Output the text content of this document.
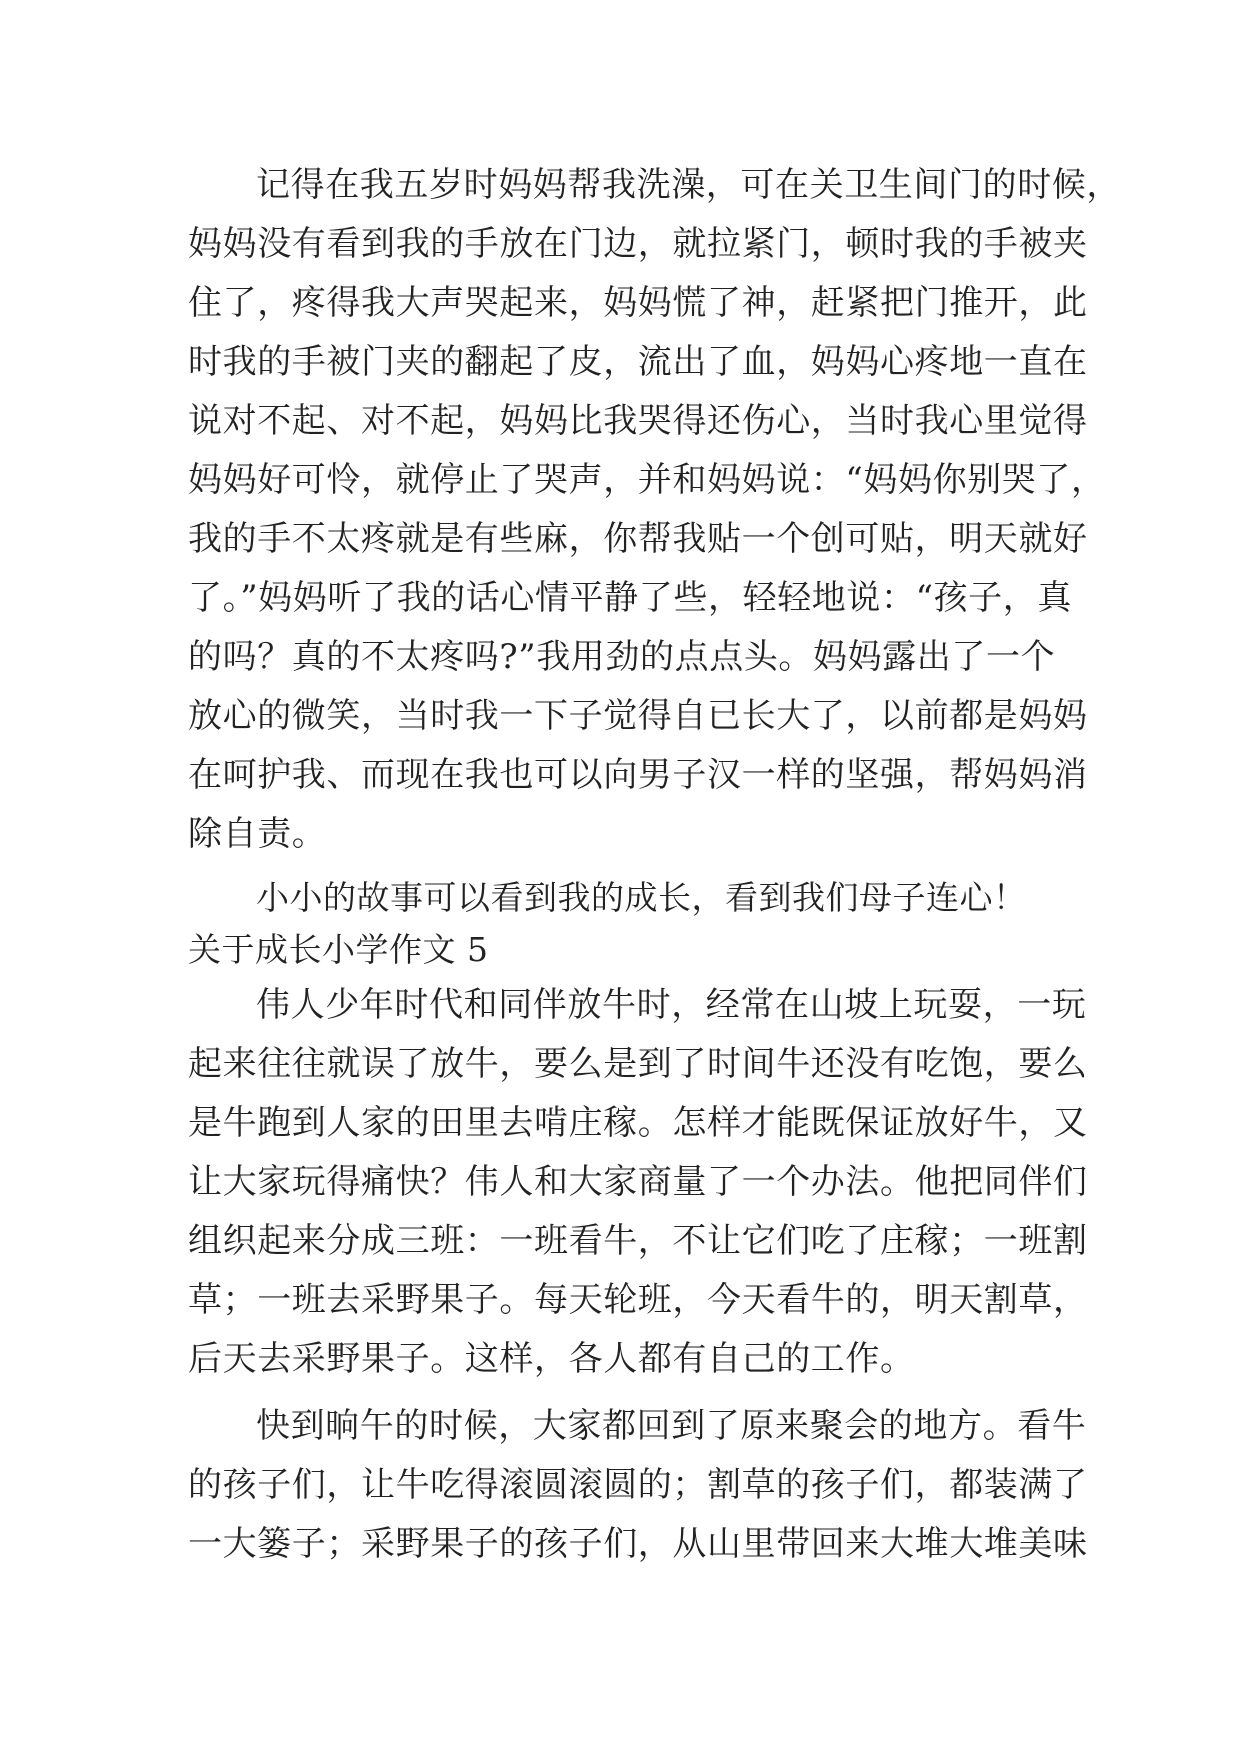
记得在我五岁时妈妈帮我洗澡，可在关卫生间门的时候，
妈妈没有看到我的手放在门边，就拉紧门，顿时我的手被夹
住了，疼得我大声哭起来，妈妈慌了神，赶紧把门推开，此
时我的手被门夹的翻起了皮，流出了血，妈妈心疼地一直在
说对不起、对不起，妈妈比我哭得还伤心，当时我心里觉得
妈妈好可怜，就停止了哭声，并和妈妈说：“妈妈你别哭了，
我的手不太疼就是有些麻，你帮我贴一个创可贴，明天就好
了。”妈妈听了我的话心情平静了些，轻轻地说：“孩子，真
的吗？真的不太疼吗?”我用劲的点点头。妈妈露出了一个
放心的微笑，当时我一下子觉得自已长大了，以前都是妈妈
在呵护我、而现在我也可以向男子汉一样的坚强，帮妈妈消
除自责。
小小的故事可以看到我的成长，看到我们母子连心！
关于成长小学作文 5
伟人少年时代和同伴放牛时，经常在山坡上玩耍，一玩
起来往往就误了放牛，要么是到了时间牛还没有吃饱，要么
是牛跑到人家的田里去啃庄稼。怎样才能既保证放好牛，又
让大家玩得痛快？伟人和大家商量了一个办法。他把同伴们
组织起来分成三班：一班看牛，不让它们吃了庄稼；一班割
草；一班去采野果子。每天轮班，今天看牛的，明天割草，
后天去采野果子。这样，各人都有自己的工作。
快到晌午的时候，大家都回到了原来聚会的地方。看牛
的孩子们，让牛吃得滚圆滚圆的；割草的孩子们，都装满了
一大篓子；采野果子的孩子们，从山里带回来大堆大堆美味
